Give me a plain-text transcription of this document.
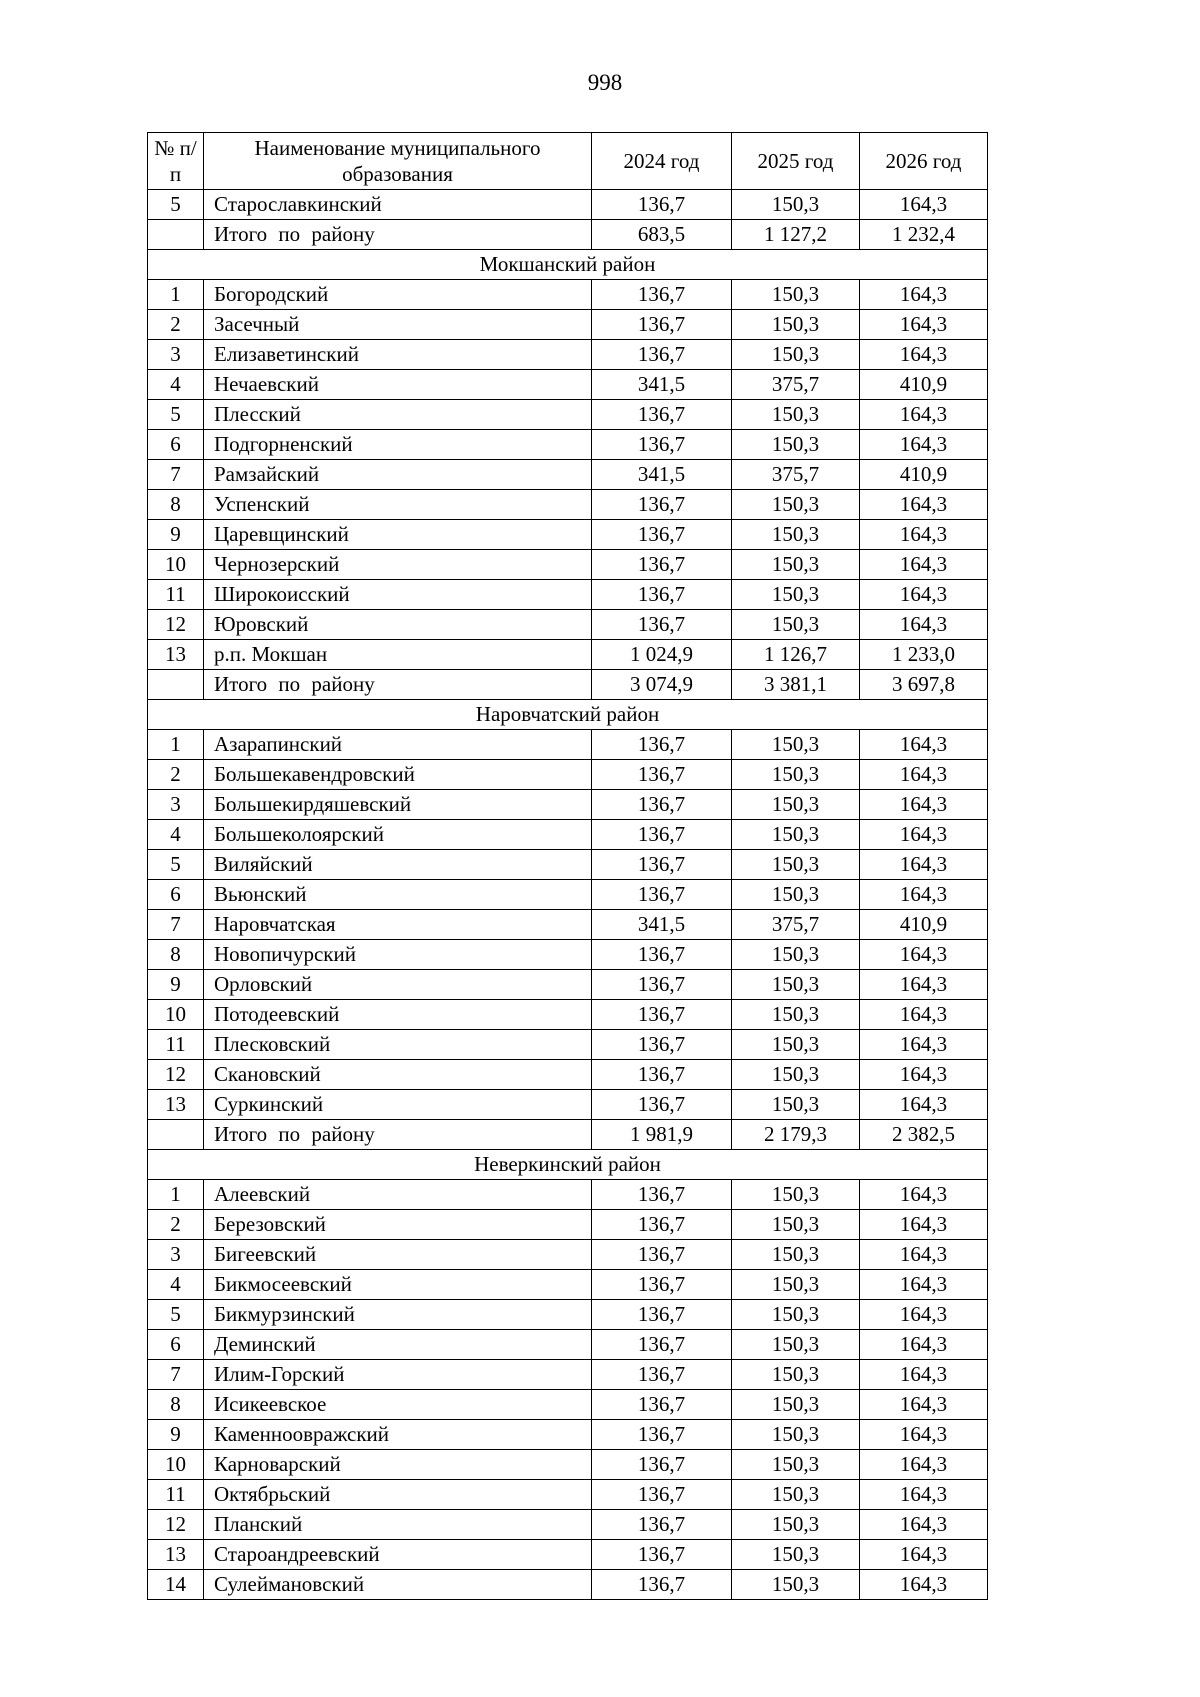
998
№ п/п	Наименование муниципального образования	2024 год	2025 год	2026 год
5	Старославкинский	136,7	150,3	164,3
	Итого по району	683,5	1 127,2	1 232,4
Мокшанский район				
1	Богородский	136,7	150,3	164,3
2	Засечный	136,7	150,3	164,3
3	Елизаветинский	136,7	150,3	164,3
4	Нечаевский	341,5	375,7	410,9
5	Плесский	136,7	150,3	164,3
6	Подгорненский	136,7	150,3	164,3
7	Рамзайский	341,5	375,7	410,9
8	Успенский	136,7	150,3	164,3
9	Царевщинский	136,7	150,3	164,3
10	Чернозерский	136,7	150,3	164,3
11	Широкоисский	136,7	150,3	164,3
12	Юровский	136,7	150,3	164,3
13	р.п. Мокшан	1 024,9	1 126,7	1 233,0
	Итого по району	3 074,9	3 381,1	3 697,8
Наровчатский район				
1	Азарапинский	136,7	150,3	164,3
2	Большекавендровский	136,7	150,3	164,3
3	Большекирдяшевский	136,7	150,3	164,3
4	Большеколоярский	136,7	150,3	164,3
5	Виляйский	136,7	150,3	164,3
6	Вьюнский	136,7	150,3	164,3
7	Наровчатская	341,5	375,7	410,9
8	Новопичурский	136,7	150,3	164,3
9	Орловский	136,7	150,3	164,3
10	Потодеевский	136,7	150,3	164,3
11	Плесковский	136,7	150,3	164,3
12	Скановский	136,7	150,3	164,3
13	Суркинский	136,7	150,3	164,3
	Итого по району	1 981,9	2 179,3	2 382,5
Неверкинский район				
1	Алеевский	136,7	150,3	164,3
2	Березовский	136,7	150,3	164,3
3	Бигеевский	136,7	150,3	164,3
4	Бикмосеевский	136,7	150,3	164,3
5	Бикмурзинский	136,7	150,3	164,3
6	Деминский	136,7	150,3	164,3
7	Илим-Горский	136,7	150,3	164,3
8	Исикеевское	136,7	150,3	164,3
9	Каменноовражский	136,7	150,3	164,3
10	Карноварский	136,7	150,3	164,3
11	Октябрьский	136,7	150,3	164,3
12	Планский	136,7	150,3	164,3
13	Староандреевский	136,7	150,3	164,3
14	Сулеймановский	136,7	150,3	164,3
